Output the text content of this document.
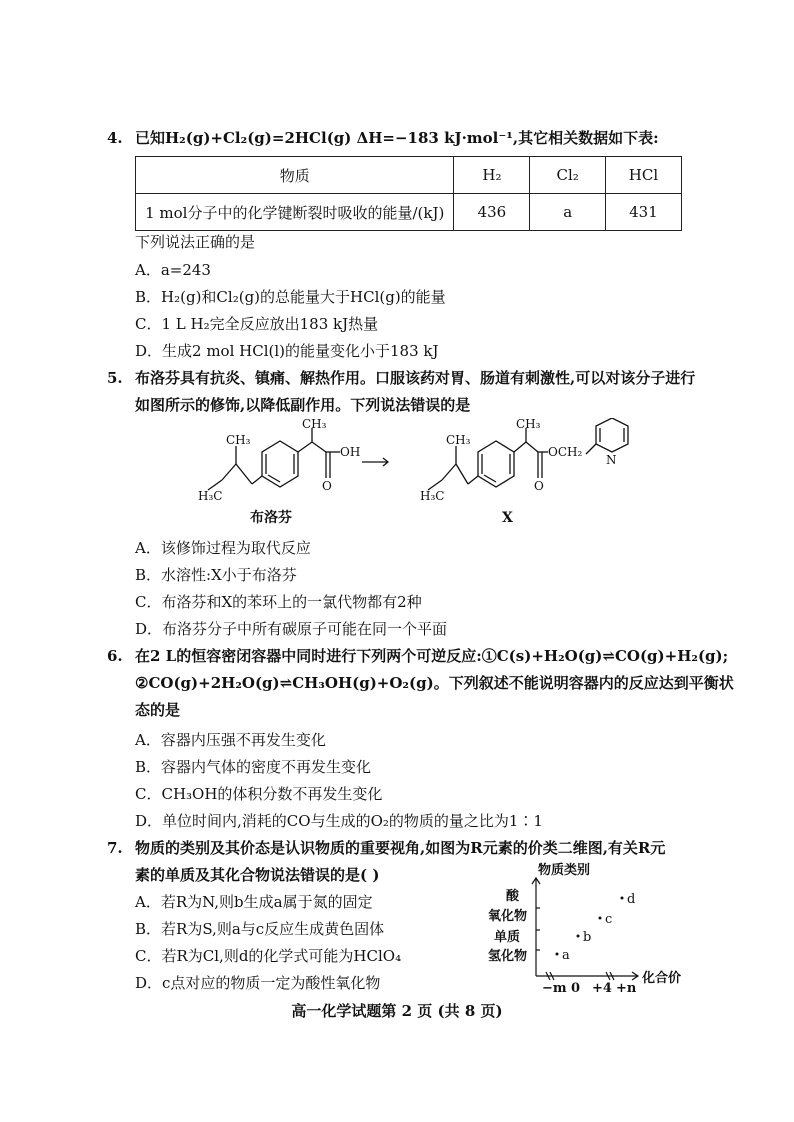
4. 已知H₂(g)+Cl₂(g)=2HCl(g) ΔH=−183 kJ·mol⁻¹,其它相关数据如下表:
物质	H₂	Cl₂	HCl
1 mol分子中的化学键断裂时吸收的能量/(kJ)	436	a	431
下列说法正确的是
A．a=243
B．H₂(g)和Cl₂(g)的总能量大于HCl(g)的能量
C．1 L H₂完全反应放出183 kJ热量
D．生成2 mol HCl(l)的能量变化小于183 kJ
5. 布洛芬具有抗炎、镇痛、解热作用。口服该药对胃、肠道有刺激性,可以对该分子进行
如图所示的修饰,以降低副作用。下列说法错误的是
H₃C
CH₃
CH₃
OH
O
H₃C
CH₃
CH₃
OCH₂
O
N
布洛芬	X
A．该修饰过程为取代反应
B．水溶性:X小于布洛芬
C．布洛芬和X的苯环上的一氯代物都有2种
D．布洛芬分子中所有碳原子可能在同一个平面
6. 在2 L的恒容密闭容器中同时进行下列两个可逆反应:①C(s)+H₂O(g)⇌CO(g)+H₂(g);
②CO(g)+2H₂O(g)⇌CH₃OH(g)+O₂(g)。下列叙述不能说明容器内的反应达到平衡状
态的是
A．容器内压强不再发生变化
B．容器内气体的密度不再发生变化
C．CH₃OH的体积分数不再发生变化
D．单位时间内,消耗的CO与生成的O₂的物质的量之比为1∶1
7. 物质的类别及其价态是认识物质的重要视角,如图为R元素的价类二维图,有关R元
素的单质及其化合物说法错误的是( )
A．若R为N,则b生成a属于氮的固定
B．若R为S,则a与c反应生成黄色固体
C．若R为Cl,则d的化学式可能为HClO₄
D．c点对应的物质一定为酸性氧化物
物质类别
化合价
酸
氧化物
单质
氢化物
−m 0 +4 +n
a
b
c
d
高一化学试题第 2 页 (共 8 页)
